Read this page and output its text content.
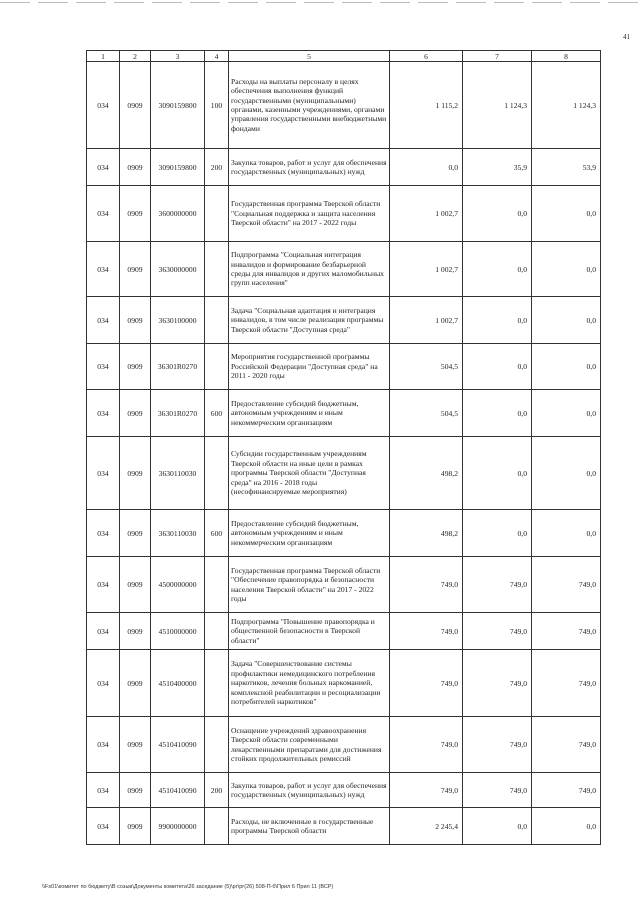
41
1	2	3	4	5	6	7	8
034	0909	3090159800	100	Расходы на выплаты персоналу в целях обеспечения выполнения функций государственными (муниципальными) органами, казенными учреждениями, органами управления государственными внебюджетными фондами	1 115,2	1 124,3	1 124,3
034	0909	3090159800	200	Закупка товаров, работ и услуг для обеспечения государственных (муниципальных) нужд	0,0	35,9	53,9
034	0909	3600000000		Государственная программа Тверской области "Социальная поддержка и защита населения Тверской области" на 2017 - 2022 годы	1 002,7	0,0	0,0
034	0909	3630000000		Подпрограмма "Социальная интеграция инвалидов и формирование безбарьерной среды для инвалидов и других маломобильных групп населения"	1 002,7	0,0	0,0
034	0909	3630100000		Задача "Социальная адаптация и интеграция инвалидов, в том числе реализация программы Тверской области "Доступная среда"	1 002,7	0,0	0,0
034	0909	36301R0270		Мероприятия государственной программы Российской Федерации "Доступная среда" на 2011 - 2020 годы	504,5	0,0	0,0
034	0909	36301R0270	600	Предоставление субсидий бюджетным, автономным учреждениям и иным некоммерческим организациям	504,5	0,0	0,0
034	0909	3630110030		Субсидии государственным учреждениям Тверской области на иные цели в рамках программы Тверской области "Доступная среда" на 2016 - 2018 годы (несофинансируемые мероприятия)	498,2	0,0	0,0
034	0909	3630110030	600	Предоставление субсидий бюджетным, автономным учреждениям и иным некоммерческим организациям	498,2	0,0	0,0
034	0909	4500000000		Государственная программа Тверской области "Обеспечение правопорядка и безопасности населения Тверской области" на 2017 - 2022 годы	749,0	749,0	749,0
034	0909	4510000000		Подпрограмма "Повышение правопорядка и общественной безопасности в Тверской области"	749,0	749,0	749,0
034	0909	4510400000		Задача "Совершенствование системы профилактики немедицинского потребления наркотиков, лечения больных наркоманией, комплексной реабилитации и ресоциализации потребителей наркотиков"	749,0	749,0	749,0
034	0909	4510410090		Оснащение учреждений здравоохранения Тверской области современными лекарственными препаратами для достижения стойких продолжительных ремиссий	749,0	749,0	749,0
034	0909	4510410090	200	Закупка товаров, работ и услуг для обеспечения государственных (муниципальных) нужд	749,0	749,0	749,0
034	0909	9900000000		Расходы, не включенные в государственные программы Тверской области	2 245,4	0,0	0,0
\\Fs01\комитет по бюджету\В созыв\Документы комитета\26 заседание (5)\рг\рг(26) 508-П-б\Прил 6 Прил 11 (ВСР)
